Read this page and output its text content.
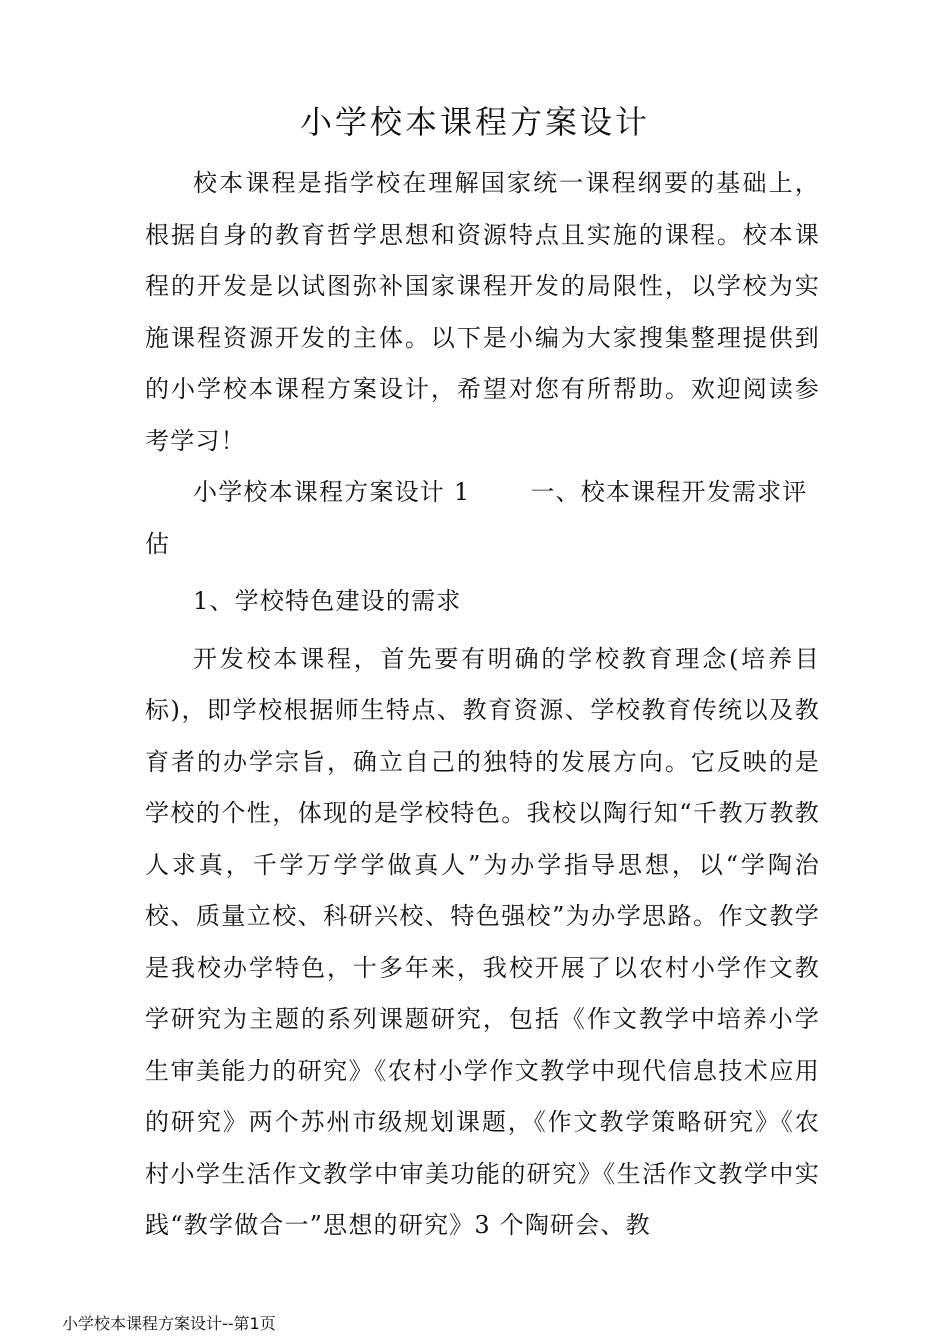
小学校本课程方案设计

校本课程是指学校在理解国家统一课程纲要的基础上，根据自身的教育哲学思想和资源特点且实施的课程。校本课程的开发是以试图弥补国家课程开发的局限性，以学校为实施课程资源开发的主体。以下是小编为大家搜集整理提供到的小学校本课程方案设计，希望对您有所帮助。欢迎阅读参考学习！

小学校本课程方案设计 1	一、校本课程开发需求评估

1、学校特色建设的需求

开发校本课程，首先要有明确的学校教育理念(培养目标)，即学校根据师生特点、教育资源、学校教育传统以及教育者的办学宗旨，确立自己的独特的发展方向。它反映的是学校的个性，体现的是学校特色。我校以陶行知“千教万教教人求真，千学万学学做真人”为办学指导思想，以“学陶治校、质量立校、科研兴校、特色强校”为办学思路。作文教学是我校办学特色，十多年来，我校开展了以农村小学作文教学研究为主题的系列课题研究，包括《作文教学中培养小学生审美能力的研究》《农村小学作文教学中现代信息技术应用的研究》两个苏州市级规划课题，《作文教学策略研究》《农村小学生活作文教学中审美功能的研究》《生活作文教学中实践“教学做合一”思想的研究》3 个陶研会、教

小学校本课程方案设计--第1页
